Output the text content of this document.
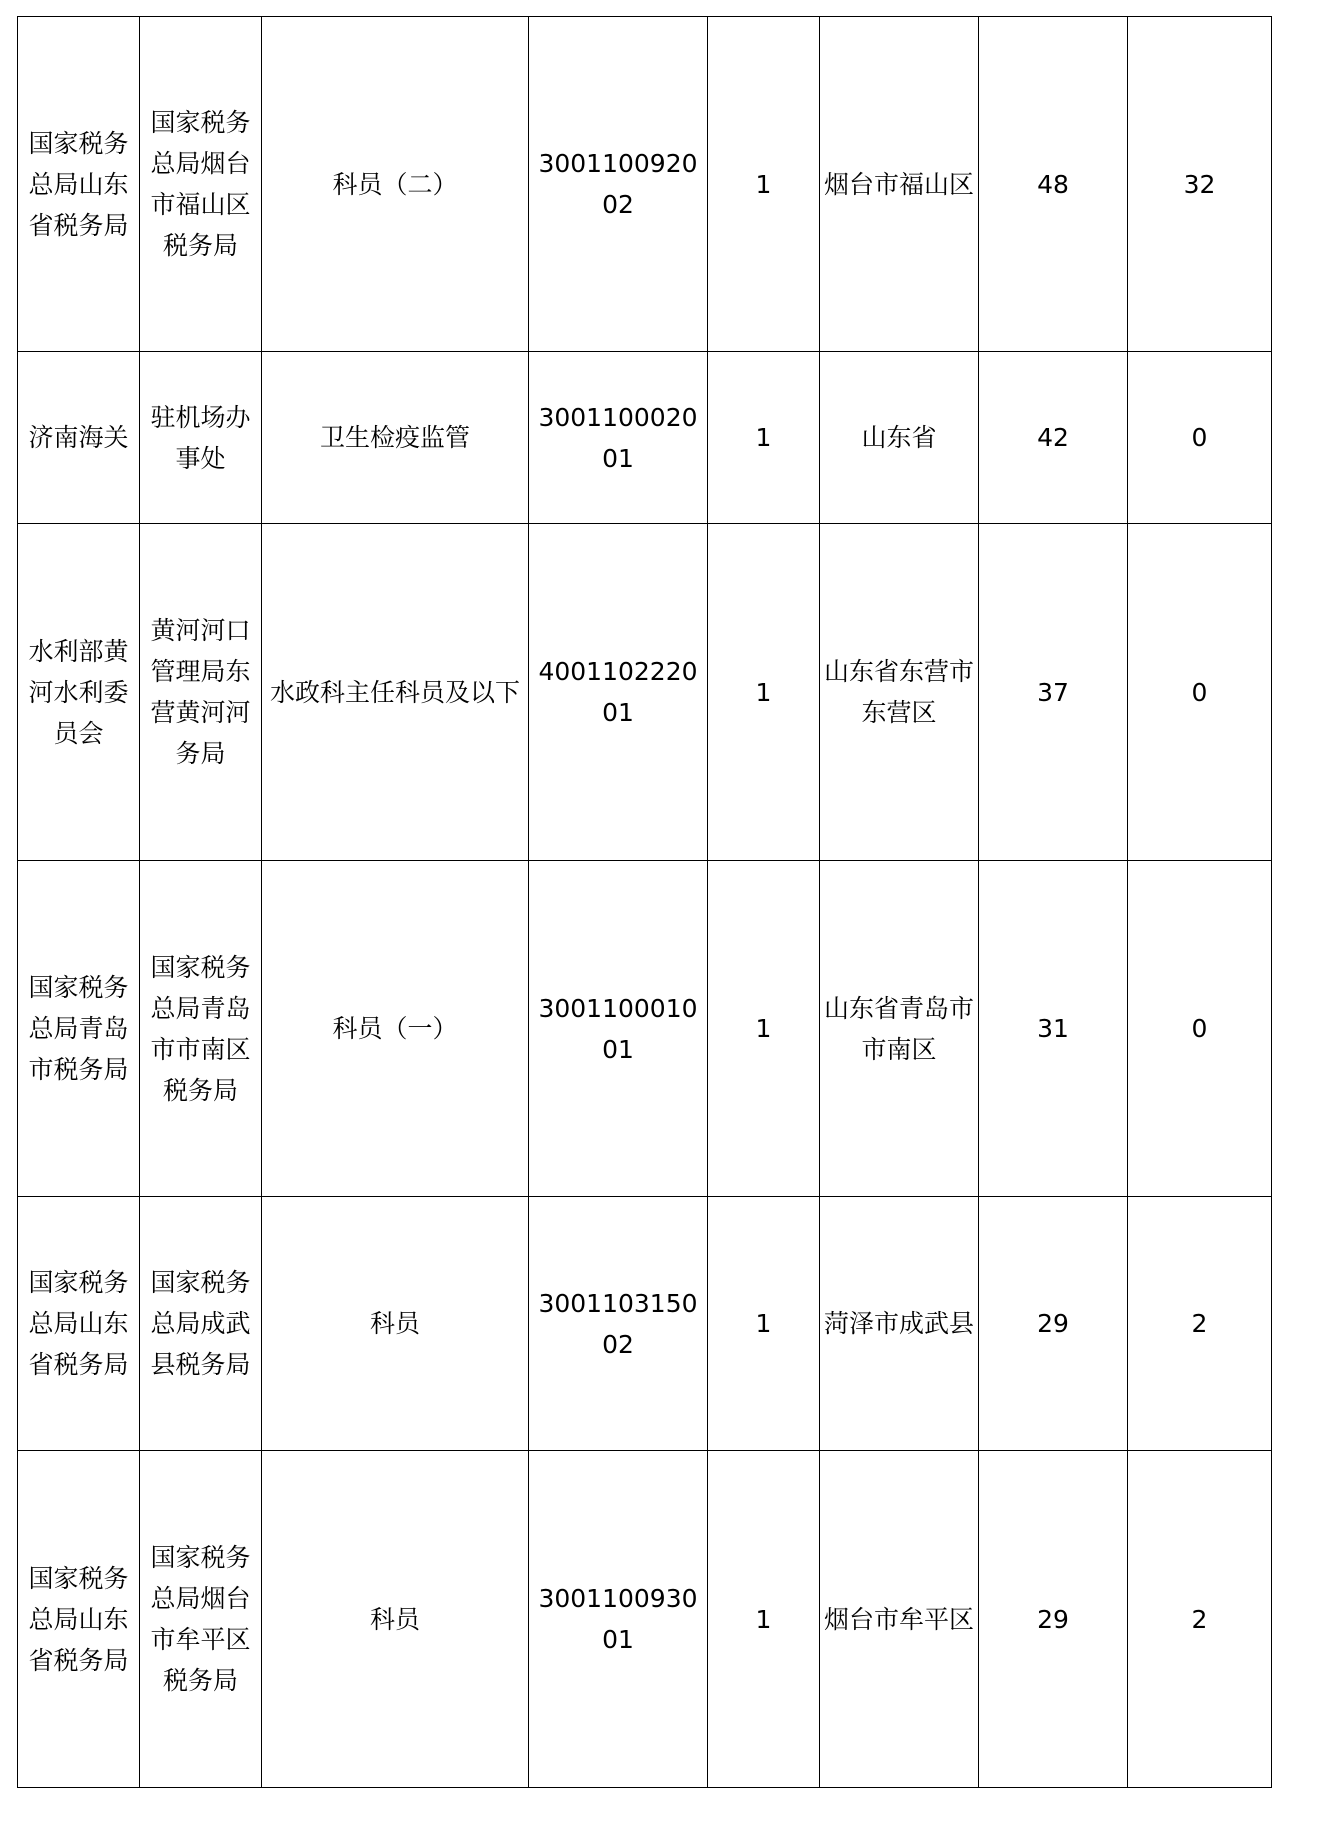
国家税务总局山东省税务局	国家税务总局烟台市福山区税务局	科员（二）	300110092002	1	烟台市福山区	48	32
济南海关	驻机场办事处	卫生检疫监管	300110002001	1	山东省	42	0
水利部黄河水利委员会	黄河河口管理局东营黄河河务局	水政科主任科员及以下	400110222001	1	山东省东营市东营区	37	0
国家税务总局青岛市税务局	国家税务总局青岛市市南区税务局	科员（一）	300110001001	1	山东省青岛市市南区	31	0
国家税务总局山东省税务局	国家税务总局成武县税务局	科员	300110315002	1	菏泽市成武县	29	2
国家税务总局山东省税务局	国家税务总局烟台市牟平区税务局	科员	300110093001	1	烟台市牟平区	29	2
